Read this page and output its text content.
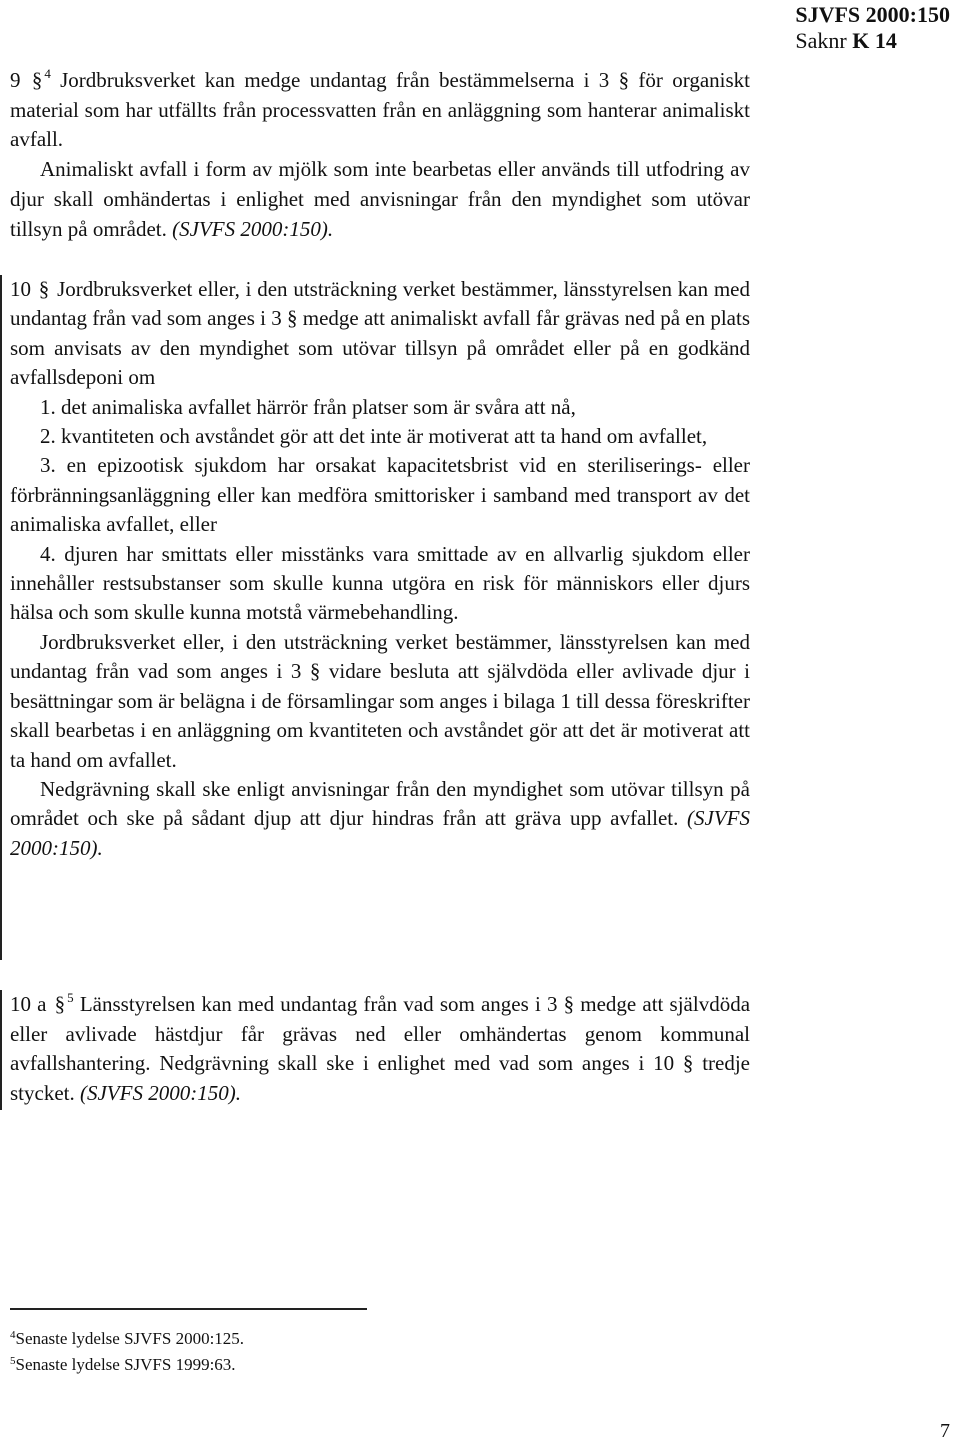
SJVFS 2000:150
Saknr K 14

9 § $^4$ Jordbruksverket kan medge undantag från bestämmelserna i 3 § för organiskt material som har utfällts från processvatten från en anläggning som hanterar animaliskt avfall.

Animaliskt avfall i form av mjölk som inte bearbetas eller används till utfodring av djur skall omhändertas i enlighet med anvisningar från den myndighet som utövar tillsyn på området. (SJVFS 2000:150).

10 § Jordbruksverket eller, i den utsträckning verket bestämmer, länsstyrelsen kan med undantag från vad som anges i 3 § medge att animaliskt avfall får grävas ned på en plats som anvisats av den myndighet som utövar tillsyn på området eller på en godkänd avfallsdeponi om

1. det animaliska avfallet härrör från platser som är svåra att nå,

2. kvantiteten och avståndet gör att det inte är motiverat att ta hand om avfallet,

3. en epizootisk sjukdom har orsakat kapacitetsbrist vid en steriliserings- eller förbränningsanläggning eller kan medföra smittorisker i samband med transport av det animaliska avfallet, eller

4. djuren har smittats eller misstänks vara smittade av en allvarlig sjukdom eller innehåller restsubstanser som skulle kunna utgöra en risk för människors eller djurs hälsa och som skulle kunna motstå värmebehandling.

Jordbruksverket eller, i den utsträckning verket bestämmer, länsstyrelsen kan med undantag från vad som anges i 3 § vidare besluta att självdöda eller avlivade djur i besättningar som är belägna i de församlingar som anges i bilaga 1 till dessa föreskrifter skall bearbetas i en anläggning om kvantiteten och avståndet gör att det är motiverat att ta hand om avfallet.

Nedgrävning skall ske enligt anvisningar från den myndighet som utövar tillsyn på området och ske på sådant djup att djur hindras från att gräva upp avfallet. (SJVFS 2000:150).

10 a § $^5$ Länsstyrelsen kan med undantag från vad som anges i 3 § medge att självdöda eller avlivade hästdjur får grävas ned eller omhändertas genom kommunal avfallshantering. Nedgrävning skall ske i enlighet med vad som anges i 10 § tredje stycket. (SJVFS 2000:150).

$^4$Senaste lydelse SJVFS 2000:125.
$^5$Senaste lydelse SJVFS 1999:63.
7
